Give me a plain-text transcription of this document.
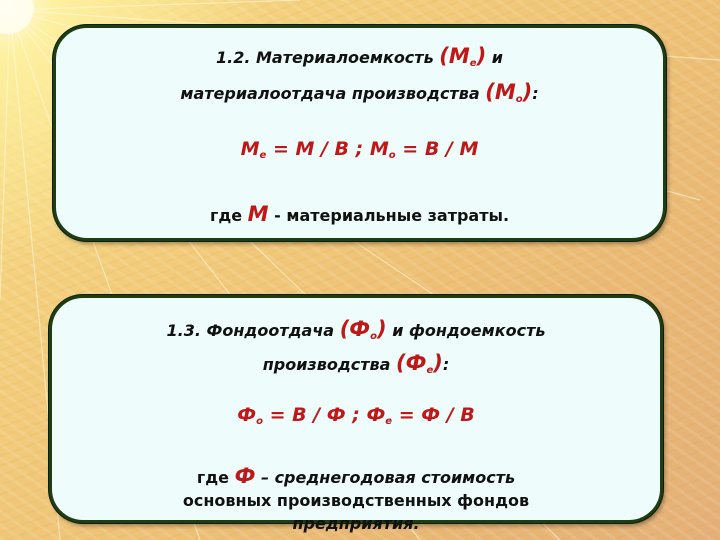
1.2. Материалоемкость $(М_е)$ и
материалоотдача производства $(М_о)$:
$М_е = М / В$ ; $М_о = В / М$
где М - материальные затраты.
1.3. Фондоотдача $(Ф_о)$ и фондоемкость
производства $(Ф_е)$:
$Ф_о = В / Ф$ ; $Ф_е = Ф / В$
где Ф – среднегодовая стоимость
основных производственных фондов
предприятия.
